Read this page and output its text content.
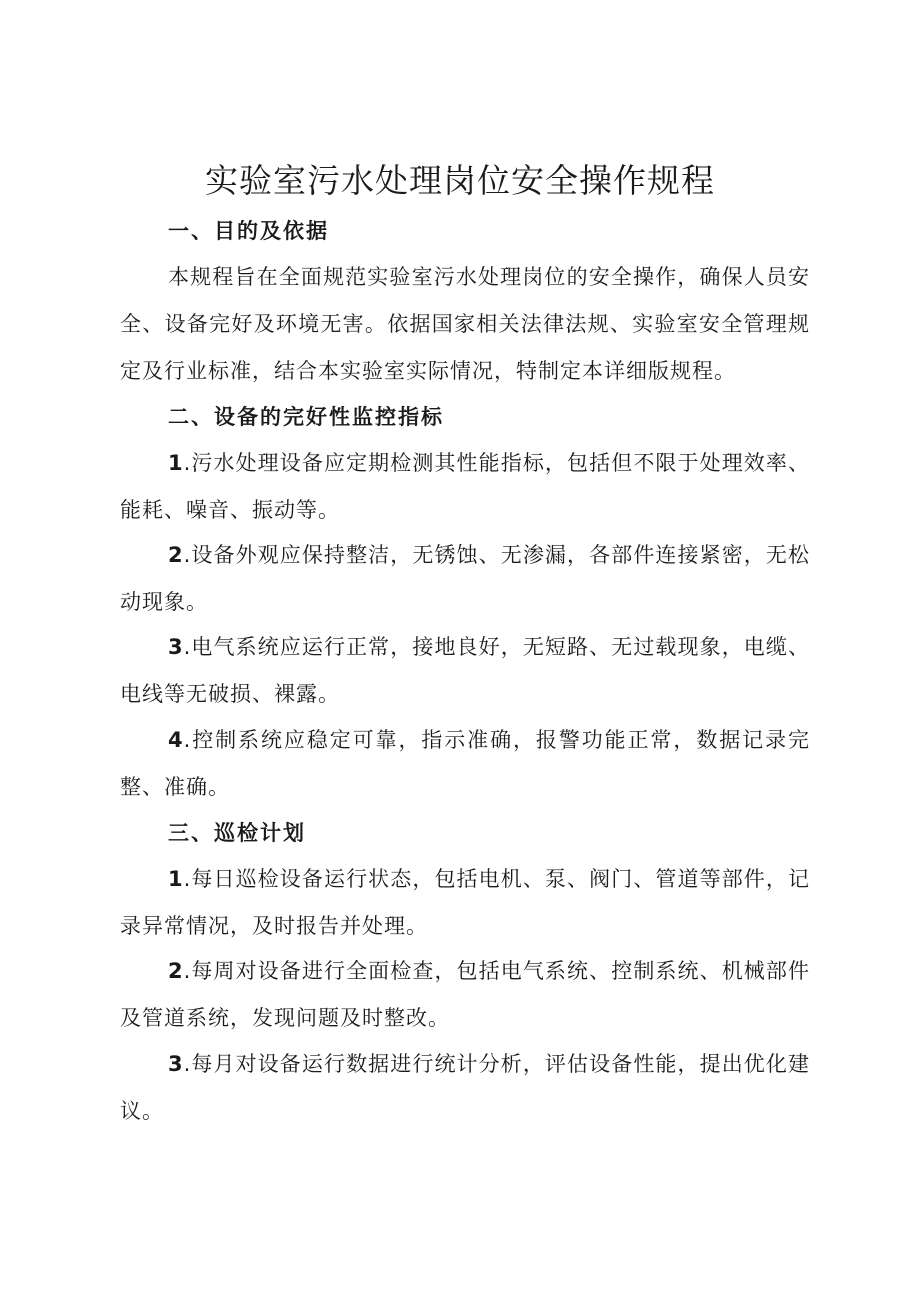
实验室污水处理岗位安全操作规程
一、目的及依据

本规程旨在全面规范实验室污水处理岗位的安全操作，确保人员安全、设备完好及环境无害。依据国家相关法律法规、实验室安全管理规定及行业标准，结合本实验室实际情况，特制定本详细版规程。

二、设备的完好性监控指标

1.污水处理设备应定期检测其性能指标，包括但不限于处理效率、能耗、噪音、振动等。

2.设备外观应保持整洁，无锈蚀、无渗漏，各部件连接紧密，无松动现象。

3.电气系统应运行正常，接地良好，无短路、无过载现象，电缆、电线等无破损、裸露。

4.控制系统应稳定可靠，指示准确，报警功能正常，数据记录完整、准确。

三、巡检计划

1.每日巡检设备运行状态，包括电机、泵、阀门、管道等部件，记录异常情况，及时报告并处理。

2.每周对设备进行全面检查，包括电气系统、控制系统、机械部件及管道系统，发现问题及时整改。

3.每月对设备运行数据进行统计分析，评估设备性能，提出优化建议。
